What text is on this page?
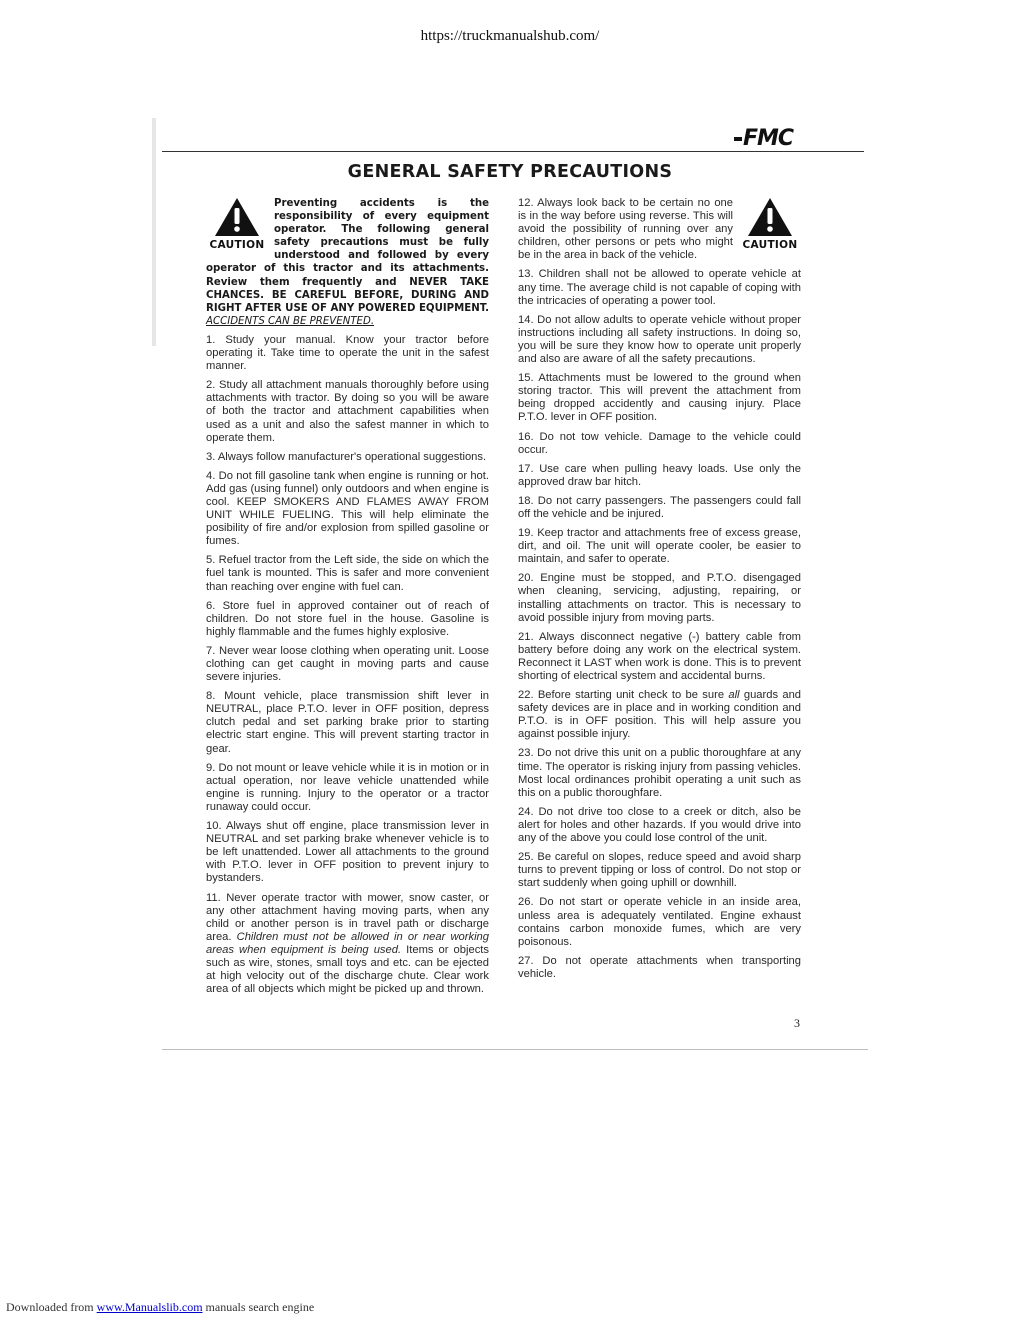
https://truckmanualshub.com/
FMC
GENERAL SAFETY PRECAUTIONS
CAUTION

Preventing accidents is the responsibility of every equipment operator. The following general safety precautions must be fully understood and followed by every operator of this tractor and its attachments. Review them frequently and NEVER TAKE CHANCES. BE CAREFUL BEFORE, DURING AND RIGHT AFTER USE OF ANY POWERED EQUIPMENT. ACCIDENTS CAN BE PREVENTED.

1. Study your manual. Know your tractor before operating it. Take time to operate the unit in the safest manner.

2. Study all attachment manuals thoroughly before using attachments with tractor. By doing so you will be aware of both the tractor and attachment capabilities when used as a unit and also the safest manner in which to operate them.

3. Always follow manufacturer's operational suggestions.

4. Do not fill gasoline tank when engine is running or hot. Add gas (using funnel) only outdoors and when engine is cool. KEEP SMOKERS AND FLAMES AWAY FROM UNIT WHILE FUELING. This will help eliminate the posibility of fire and/or explosion from spilled gasoline or fumes.

5. Refuel tractor from the Left side, the side on which the fuel tank is mounted. This is safer and more convenient than reaching over engine with fuel can.

6. Store fuel in approved container out of reach of children. Do not store fuel in the house. Gasoline is highly flammable and the fumes highly explosive.

7. Never wear loose clothing when operating unit. Loose clothing can get caught in moving parts and cause severe injuries.

8. Mount vehicle, place transmission shift lever in NEUTRAL, place P.T.O. lever in OFF position, depress clutch pedal and set parking brake prior to starting electric start engine. This will prevent starting tractor in gear.

9. Do not mount or leave vehicle while it is in motion or in actual operation, nor leave vehicle unattended while engine is running. Injury to the operator or a tractor runaway could occur.

10. Always shut off engine, place transmission lever in NEUTRAL and set parking brake whenever vehicle is to be left unattended. Lower all attachments to the ground with P.T.O. lever in OFF position to prevent injury to bystanders.

11. Never operate tractor with mower, snow caster, or any other attachment having moving parts, when any child or another person is in travel path or discharge area. Children must not be allowed in or near working areas when equipment is being used. Items or objects such as wire, stones, small toys and etc. can be ejected at high velocity out of the discharge chute. Clear work area of all objects which might be picked up and thrown.

CAUTION

12. Always look back to be certain no one is in the way before using reverse. This will avoid the possibility of running over any children, other persons or pets who might be in the area in back of the vehicle.

13. Children shall not be allowed to operate vehicle at any time. The average child is not capable of coping with the intricacies of operating a power tool.

14. Do not allow adults to operate vehicle without proper instructions including all safety instructions. In doing so, you will be sure they know how to operate unit properly and also are aware of all the safety precautions.

15. Attachments must be lowered to the ground when storing tractor. This will prevent the attachment from being dropped accidently and causing injury. Place P.T.O. lever in OFF position.

16. Do not tow vehicle. Damage to the vehicle could occur.

17. Use care when pulling heavy loads. Use only the approved draw bar hitch.

18. Do not carry passengers. The passengers could fall off the vehicle and be injured.

19. Keep tractor and attachments free of excess grease, dirt, and oil. The unit will operate cooler, be easier to maintain, and safer to operate.

20. Engine must be stopped, and P.T.O. disengaged when cleaning, servicing, adjusting, repairing, or installing attachments on tractor. This is necessary to avoid possible injury from moving parts.

21. Always disconnect negative (-) battery cable from battery before doing any work on the electrical system. Reconnect it LAST when work is done. This is to prevent shorting of electrical system and accidental burns.

22. Before starting unit check to be sure all guards and safety devices are in place and in working condition and P.T.O. is in OFF position. This will help assure you against possible injury.

23. Do not drive this unit on a public thoroughfare at any time. The operator is risking injury from passing vehicles. Most local ordinances prohibit operating a unit such as this on a public thoroughfare.

24. Do not drive too close to a creek or ditch, also be alert for holes and other hazards. If you would drive into any of the above you could lose control of the unit.

25. Be careful on slopes, reduce speed and avoid sharp turns to prevent tipping or loss of control. Do not stop or start suddenly when going uphill or downhill.

26. Do not start or operate vehicle in an inside area, unless area is adequately ventilated. Engine exhaust contains carbon monoxide fumes, which are very poisonous.

27. Do not operate attachments when transporting vehicle.

3
Downloaded from www.Manualslib.com manuals search engine
